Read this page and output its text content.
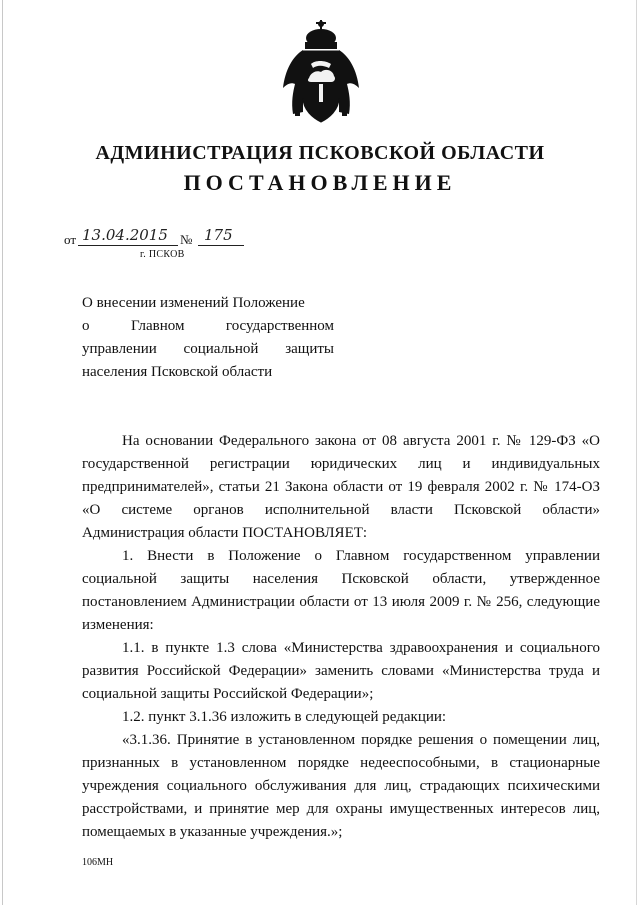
АДМИНИСТРАЦИЯ ПСКОВСКОЙ ОБЛАСТИ
ПОСТАНОВЛЕНИЕ
от 13.04.2015 № 175
г. ПСКОВ
О внесении изменений Положение
о Главном государственном
управлении социальной защиты
населения Псковской области

На основании Федерального закона от 08 августа 2001 г. № 129-ФЗ «О государственной регистрации юридических лиц и индивидуальных предпринимателей», статьи 21 Закона области от 19 февраля 2002 г. № 174-ОЗ «О системе органов исполнительной власти Псковской области» Администрация области ПОСТАНОВЛЯЕТ:

1. Внести в Положение о Главном государственном управлении социальной защиты населения Псковской области, утвержденное постановлением Администрации области от 13 июля 2009 г. № 256, следующие изменения:

1.1. в пункте 1.3 слова «Министерства здравоохранения и социального развития Российской Федерации» заменить словами «Министерства труда и социальной защиты Российской Федерации»;

1.2. пункт 3.1.36 изложить в следующей редакции:

«3.1.36. Принятие в установленном порядке решения о помещении лиц, признанных в установленном порядке недееспособными, в стационарные учреждения социального обслуживания для лиц, страдающих психическими расстройствами, и принятие мер для охраны имущественных интересов лиц, помещаемых в указанные учреждения.»;

106МН
